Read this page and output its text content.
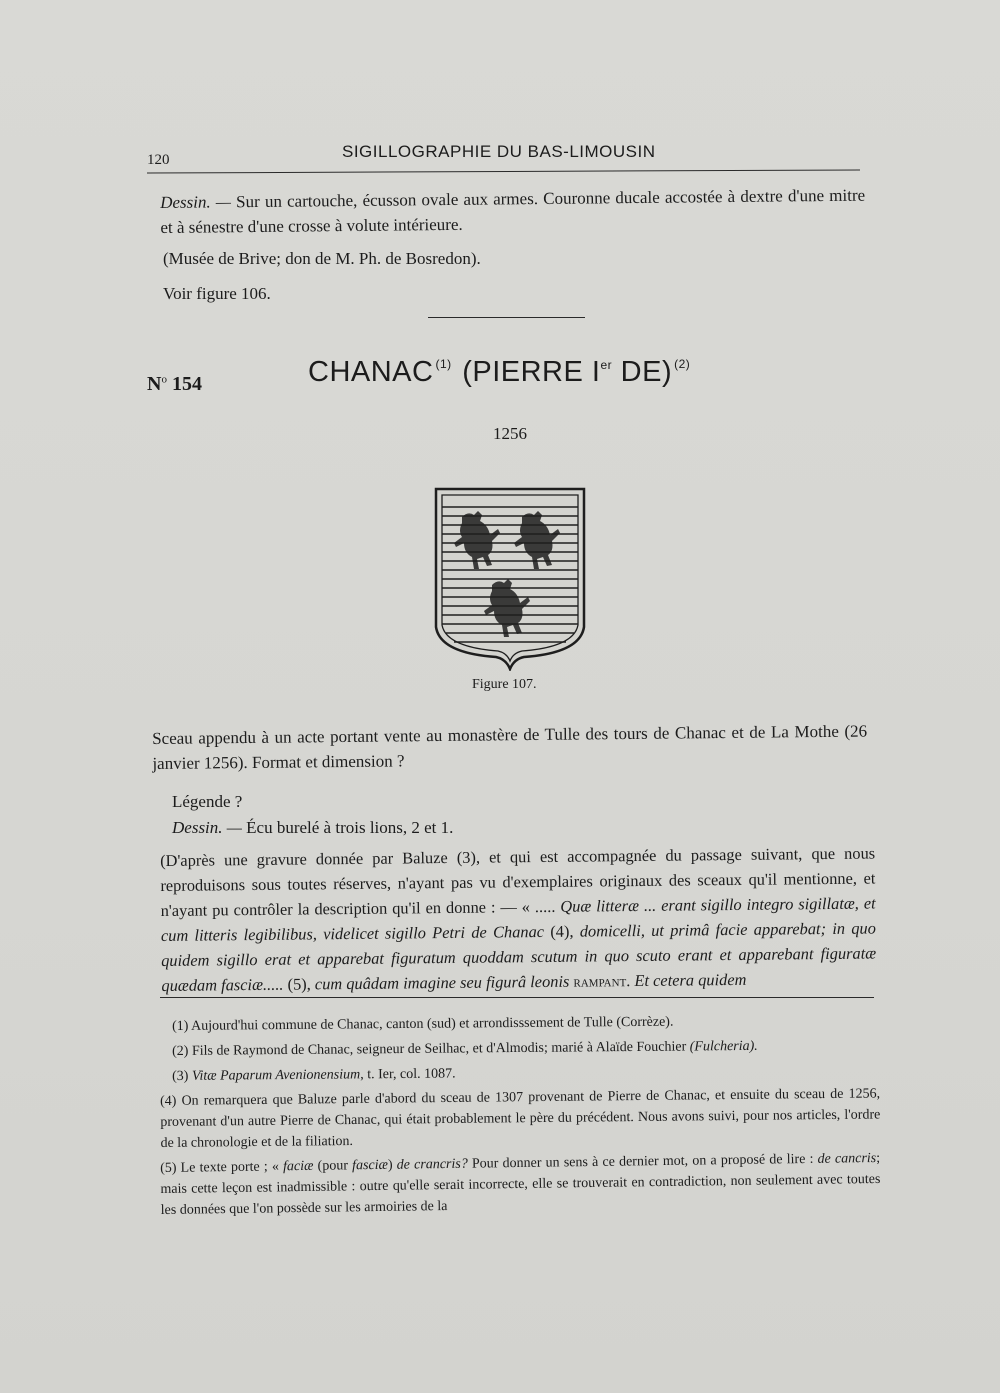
120	SIGILLOGRAPHIE DU BAS-LIMOUSIN
Dessin. — Sur un cartouche, écusson ovale aux armes. Couronne ducale accostée à dextre d'une mitre et à sénestre d'une crosse à volute intérieure.
(Musée de Brive; don de M. Ph. de Bosredon).
Voir figure 106.
$N^o$ 154	CHANAC $^{(1)}$ (PIERRE Ier DE) $^{(2)}$
1256
Figure 107.
Sceau appendu à un acte portant vente au monastère de Tulle des tours de Chanac et de La Mothe (26 janvier 1256). Format et dimension ?
Légende ?
Dessin. — Écu burelé à trois lions, 2 et 1.
(D'après une gravure donnée par Baluze (3), et qui est accompagnée du passage suivant, que nous reproduisons sous toutes réserves, n'ayant pas vu d'exemplaires originaux des sceaux qu'il mentionne, et n'ayant pu contrôler la description qu'il en donne : — « ..... Quæ litteræ ... erant sigillo integro sigillatæ, et cum litteris legibilibus, videlicet sigillo Petri de Chanac (4), domicelli, ut primâ facie apparebat; in quo quidem sigillo erat et apparebat figuratum quoddam scutum in quo scuto erant et apparebant figuratæ quædam fasciæ..... (5), cum quâdam imagine seu figurâ leonis rampant. Et cetera quidem
(1) Aujourd'hui commune de Chanac, canton (sud) et arrondisssement de Tulle (Corrèze).
(2) Fils de Raymond de Chanac, seigneur de Seilhac, et d'Almodis; marié à Alaïde Fouchier (Fulcheria).
(3) Vitæ Paparum Avenionensium, t. Ier, col. 1087.
(4) On remarquera que Baluze parle d'abord du sceau de 1307 provenant de Pierre de Chanac, et ensuite du sceau de 1256, provenant d'un autre Pierre de Chanac, qui était probablement le père du précédent. Nous avons suivi, pour nos articles, l'ordre de la chronologie et de la filiation.
(5) Le texte porte ; « faciæ (pour fasciæ) de crancris? Pour donner un sens à ce dernier mot, on a proposé de lire : de cancris; mais cette leçon est inadmissible : outre qu'elle serait incorrecte, elle se trouverait en contradiction, non seulement avec toutes les données que l'on possède sur les armoiries de la
